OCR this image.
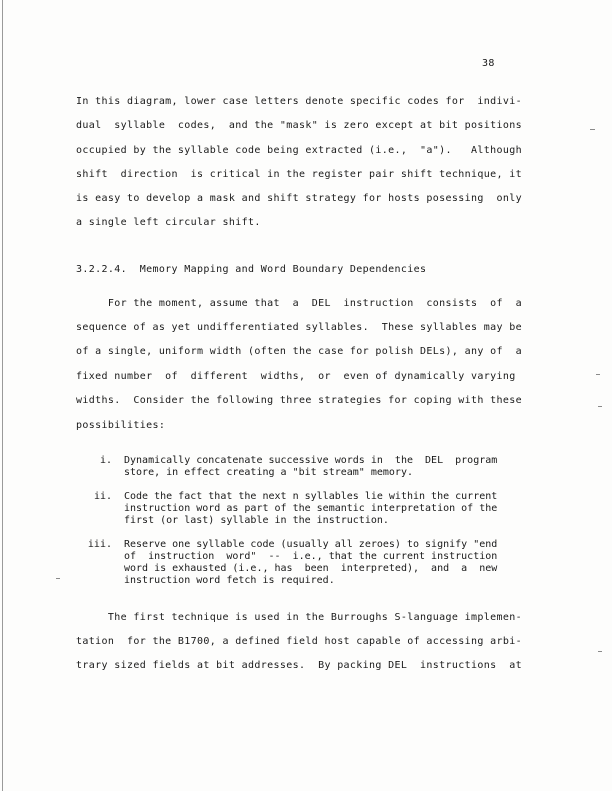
38
In this diagram, lower case letters denote specific codes for  indivi-
dual  syllable  codes,  and the "mask" is zero except at bit positions
occupied by the syllable code being extracted (i.e.,  "a").   Although
shift  direction  is critical in the register pair shift technique, it
is easy to develop a mask and shift strategy for hosts posessing  only
a single left circular shift.
3.2.2.4.  Memory Mapping and Word Boundary Dependencies
For the moment, assume that  a  DEL  instruction  consists  of  a
sequence of as yet undifferentiated syllables.  These syllables may be
of a single, uniform width (often the case for polish DELs), any of  a
fixed number  of  different  widths,  or  even of dynamically varying
widths.  Consider the following three strategies for coping with these
possibilities:
i. Dynamically concatenate successive words in  the  DEL  program
store, in effect creating a "bit stream" memory.
ii. Code the fact that the next n syllables lie within the current
instruction word as part of the semantic interpretation of the
first (or last) syllable in the instruction.
iii. Reserve one syllable code (usually all zeroes) to signify "end
of  instruction  word"  --  i.e., that the current instruction
word is exhausted (i.e., has  been  interpreted),  and  a  new
instruction word fetch is required.
The first technique is used in the Burroughs S-language implemen-
tation  for the B1700, a defined field host capable of accessing arbi-
trary sized fields at bit addresses.  By packing DEL  instructions  at
